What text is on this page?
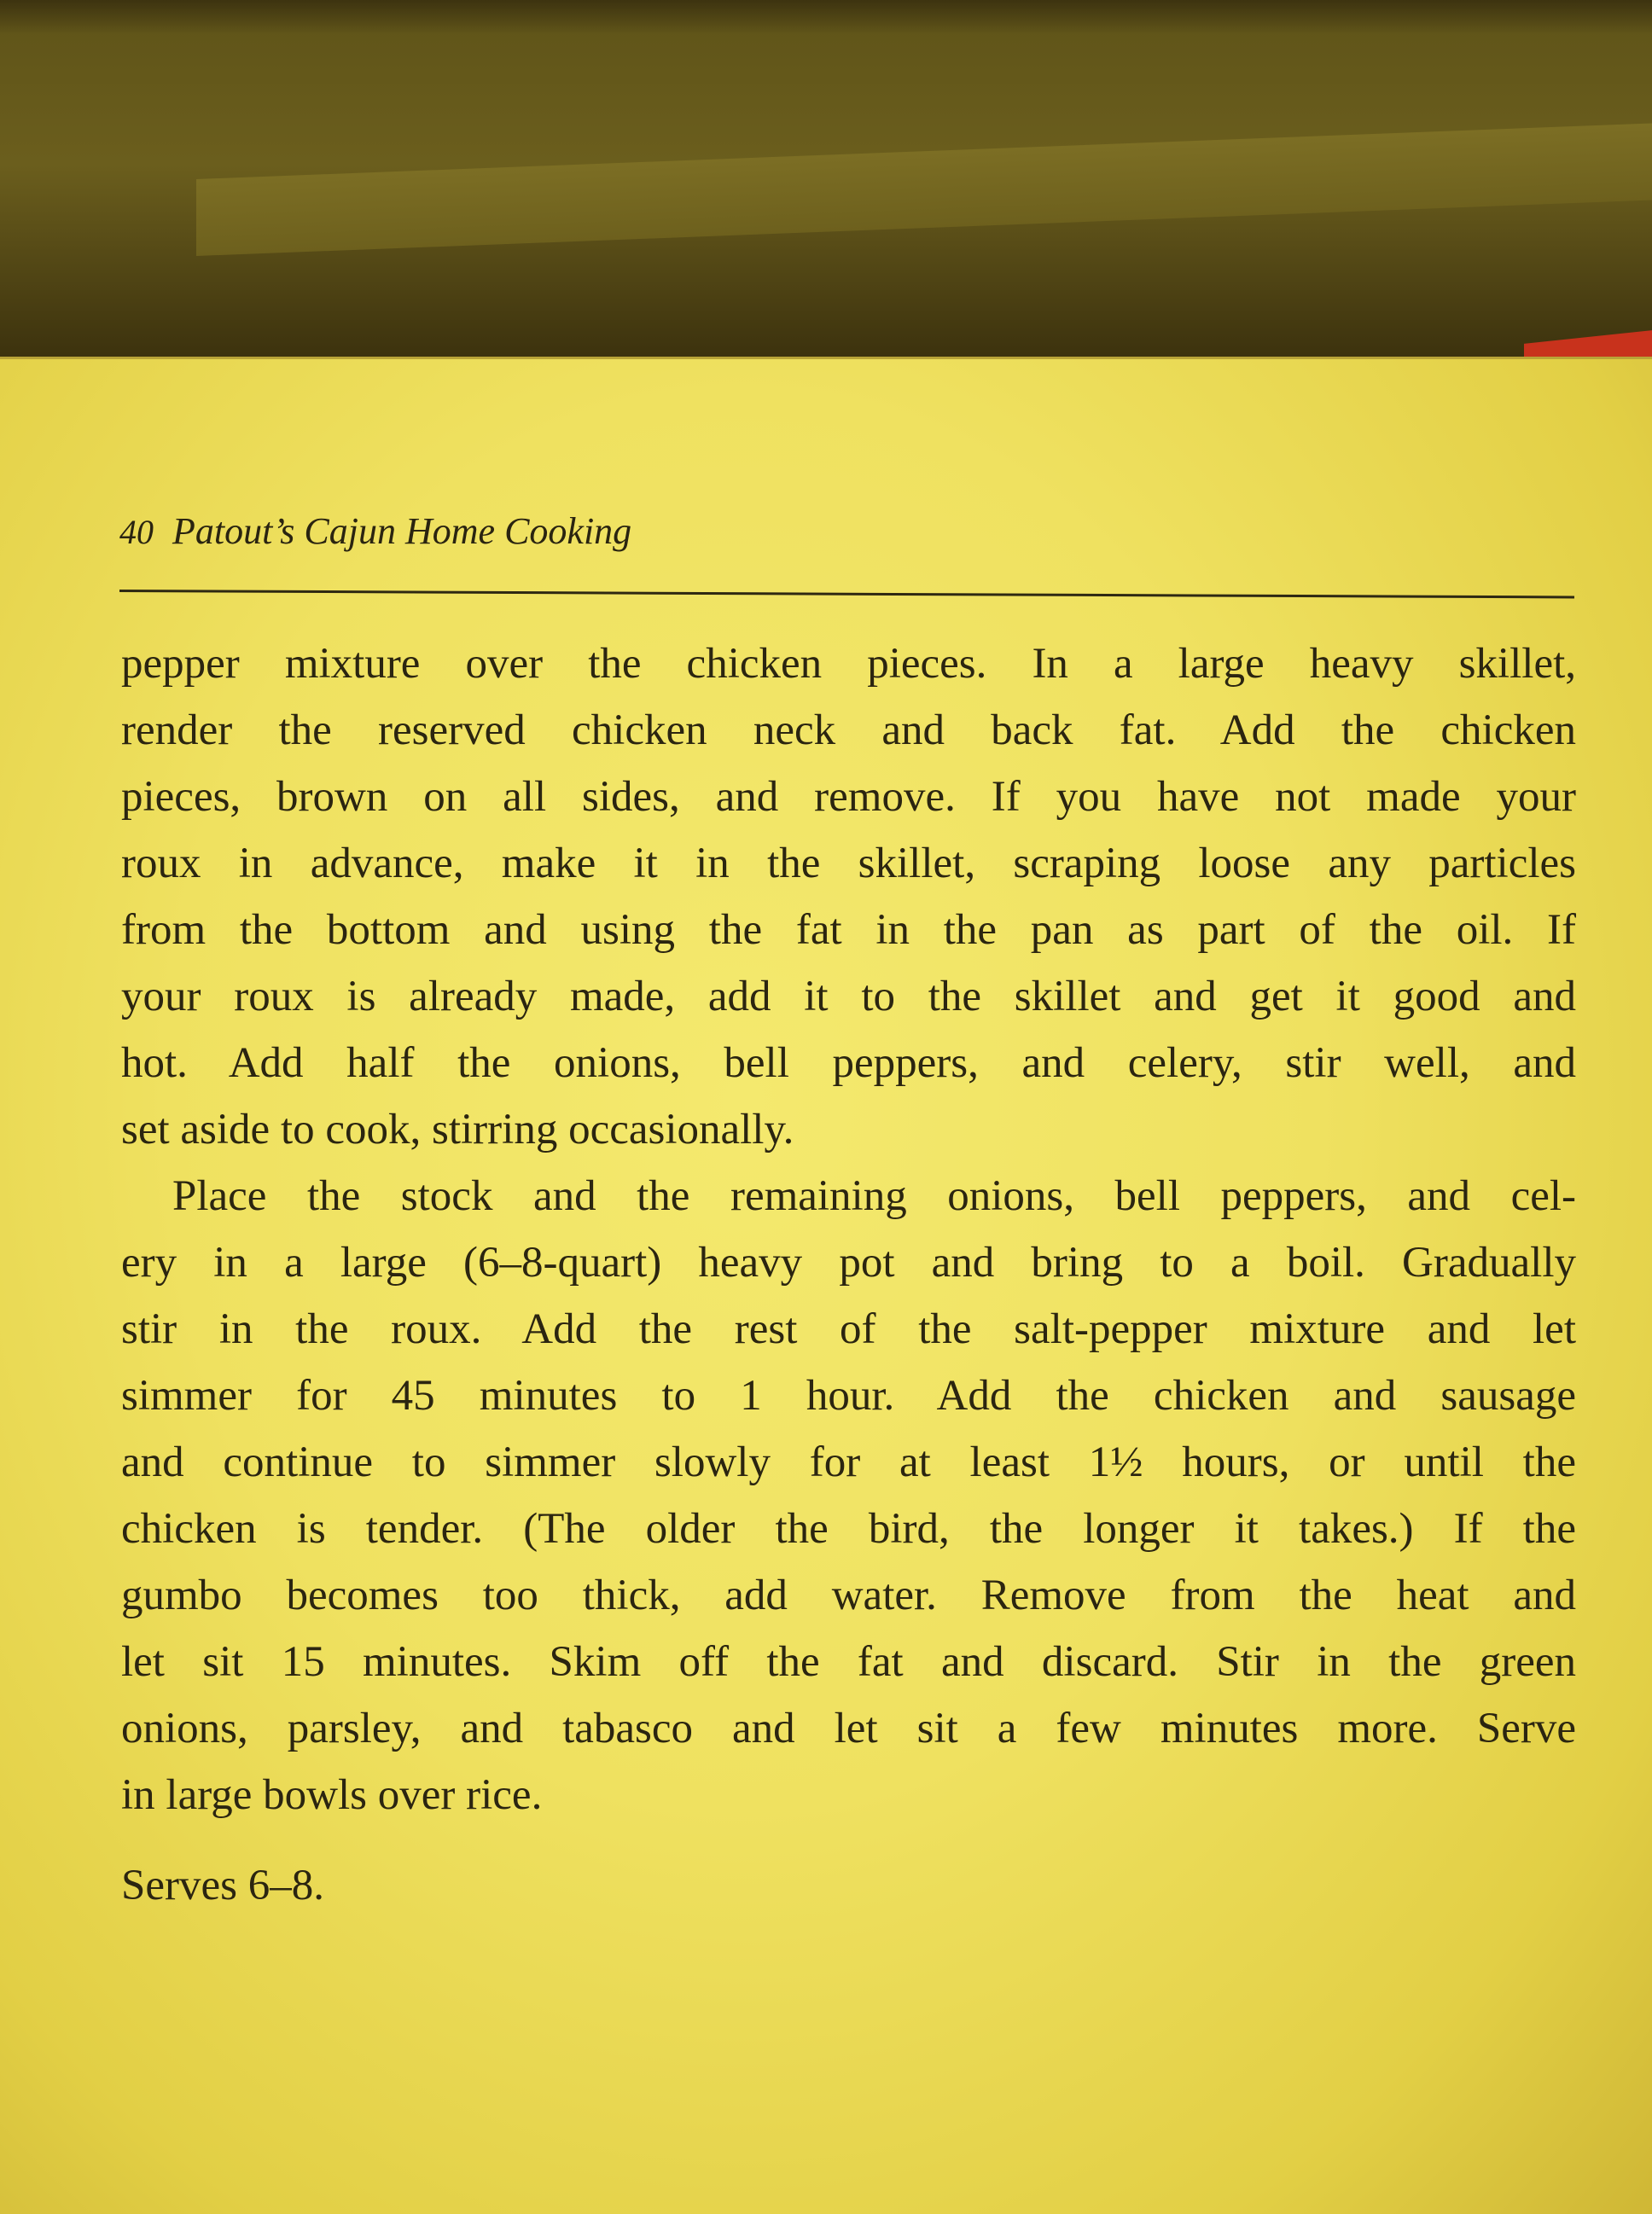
40 Patout’s Cajun Home Cooking
pepper mixture over the chicken pieces. In a large heavy skillet,
render the reserved chicken neck and back fat. Add the chicken
pieces, brown on all sides, and remove. If you have not made your
roux in advance, make it in the skillet, scraping loose any particles
from the bottom and using the fat in the pan as part of the oil. If
your roux is already made, add it to the skillet and get it good and
hot. Add half the onions, bell peppers, and celery, stir well, and
set aside to cook, stirring occasionally.
Place the stock and the remaining onions, bell peppers, and cel-
ery in a large (6–8-quart) heavy pot and bring to a boil. Gradually
stir in the roux. Add the rest of the salt-pepper mixture and let
simmer for 45 minutes to 1 hour. Add the chicken and sausage
and continue to simmer slowly for at least 1½ hours, or until the
chicken is tender. (The older the bird, the longer it takes.) If the
gumbo becomes too thick, add water. Remove from the heat and
let sit 15 minutes. Skim off the fat and discard. Stir in the green
onions, parsley, and tabasco and let sit a few minutes more. Serve
in large bowls over rice.
Serves 6–8.
